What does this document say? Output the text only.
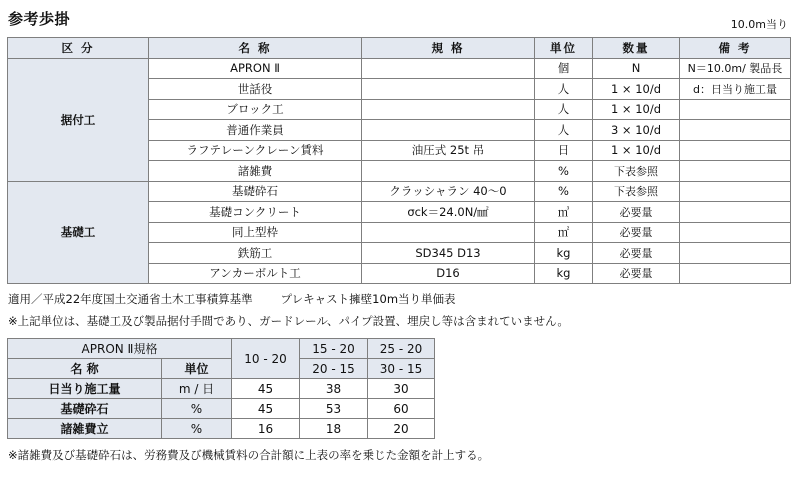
参考歩掛	10.0m当り
区 分	名 称	規 格	単位	数量	備 考
据付工	APRON Ⅱ		個	N	N＝10.0m/ 製品長
	世話役		人	1 × 10/d	d：日当り施工量
	ブロック工		人	1 × 10/d	
	普通作業員		人	3 × 10/d	
	ラフテレーンクレーン賃料	油圧式 25t 吊	日	1 × 10/d	
	諸雑費		%	下表参照	
基礎工	基礎砕石	クラッシャラン 40～0	%	下表参照	
	基礎コンクリート	σck＝24.0N/㎟	㎥	必要量	
	同上型枠		㎡	必要量	
	鉄筋工	SD345 D13	kg	必要量	
	アンカーボルト工	D16	kg	必要量	
適用／平成22年度国土交通省土木工事積算基準 プレキャスト擁壁10m当り単価表
※上記単位は、基礎工及び製品据付手間であり、ガードレール、パイプ設置、埋戻し等は含まれていません。
APRON Ⅱ規格		10 - 20	15 - 20	25 - 20
名 称	単位		20 - 15	30 - 15
日当り施工量	m / 日	45	38	30
基礎砕石	%	45	53	60
諸雑費立	%	16	18	20
※諸雑費及び基礎砕石は、労務費及び機械賃料の合計額に上表の率を乗じた金額を計上する。
